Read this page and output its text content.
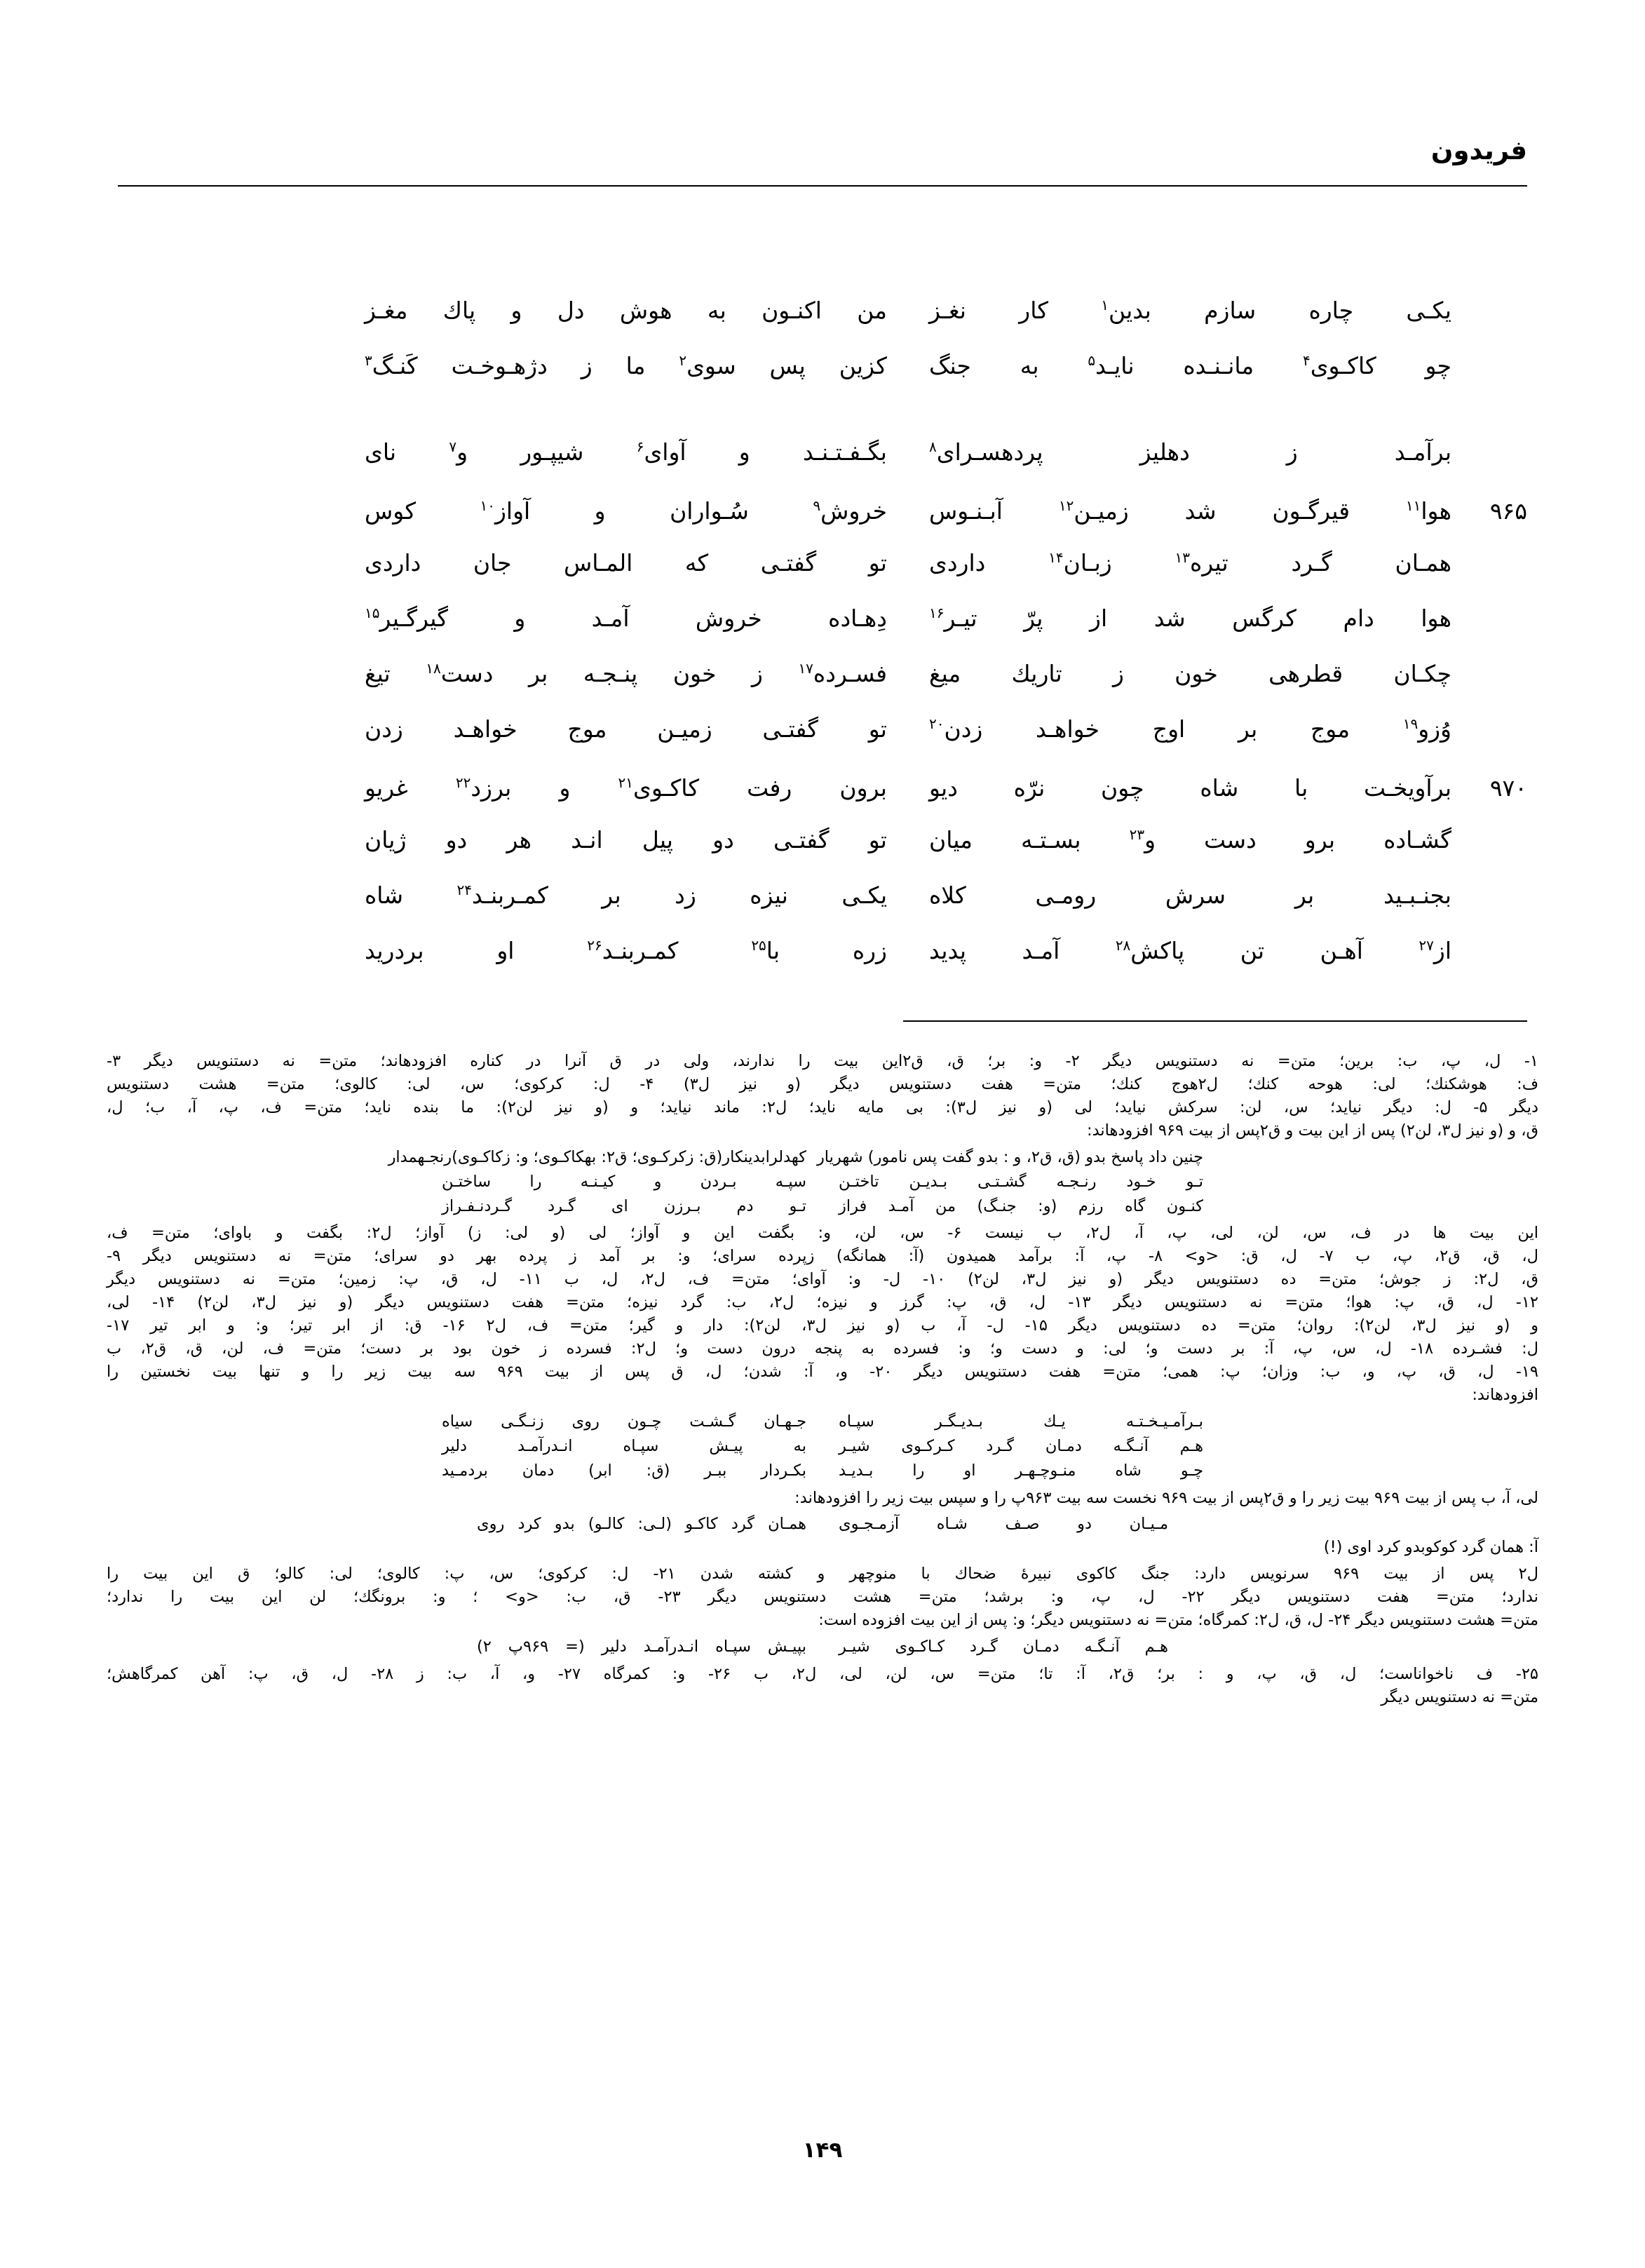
فریدون
یکـی چاره سازم بدین$^۱$ کار نغـز
من اکنـون به هوش دل و پاك مغـز
چو کاکـوی$^۴$ مانـنـده نایـد$^۵$ به جنگ
کزین پس سوی$^۲$ ما ز دژهـوخـت کَنـگ$^۳$
برآمـد ز دهلیز پردهسـرای$^۸$
بگـفـتـنـد و آوای$^۶$ شیپـور و$^۷$ نای
۹۶۵
هوا$^{۱۱}$ قیرگـون شد زمیـن$^{۱۲}$ آبـنـوس
خروش$^۹$ سُـواران و آواز$^{۱۰}$ کوس
همـان گـرد تیره$^{۱۳}$ زبـان$^{۱۴}$ داردی
تو گفتـی که المـاس جان داردی
هوا دام کرگس شد از پرّ تیـر$^{۱۶}$
دِهـاده خروش آمـد و گیرگـیر$^{۱۵}$
چکـان قطرهی خون ز تاریك میغ
فسـرده$^{۱۷}$ ز خون پنـجـه بر دست$^{۱۸}$ تیغ
وُزو$^{۱۹}$ موج بر اوج خواهـد زدن$^{۲۰}$
تو گفتـی زمیـن موج خواهـد زدن
۹۷۰
برآویخـت با شاه چون نرّه دیو
برون رفت کاکـوی$^{۲۱}$ و برزد$^{۲۲}$ غریو
گشـاده برو دست و$^{۲۳}$ بسـتـه میان
تو گفتـی دو پیل انـد هر دو ژیان
بجنـبـید بر سرش رومـی کلاه
یکـی نیزه زد بر کمـربنـد$^{۲۴}$ شاه
از$^{۲۷}$ آهـن تن پاکش$^{۲۸}$ آمـد پدید
زره با$^{۲۵}$ کمـربنـد$^{۲۶}$ او بردرید
۱- ل، پ، ب: برین؛ متن= نه دستنویس دیگر ۲- و: بر؛ ق، ق٢این بیت را ندارند، ولی در ق آنرا در کناره افزودهاند؛ متن= نه دستنویس دیگر ۳-
ف: هوشکنك؛ لی: هوحه کنك؛ ل٢هوج کنك؛ متن= هفت دستنویس دیگر (و نیز ل٣) ۴- ل: کرکوی؛ س، لی: کالوی؛ متن= هشت دستنویس
دیگر ۵- ل: دیگر نیاید؛ س، لن: سرکش نیاید؛ لی (و نیز ل٣): بی مایه ناید؛ ل٢: ماند نیاید؛ و (و نیز لن٢): ما بنده ناید؛ متن= ف، پ، آ، ب؛ ل،
ق، و (و نیز ل٣، لن٢) پس از این بیت و ق٢پس از بیت ۹۶۹ افزودهاند:
چنین داد پاسخ بدو (ق، ق٢، و : بدو گفت پس نامور) شهریار
کهدلرابدینکار(ق: زکرکـوی؛ ق٢: بهکاکـوی؛ و: زکاکـوی)رنجـهمدار
تـو خـود رنـجـه گشـتـی بـدیـن تاختـن
سپـه بـردن و کیـنـه را ساختـن
کنـون گاه رزم (و: جنـگ) من آمـد فراز
تـو دم بـرزن ای گـرد گـردنـفـراز
این بیت ها در ف، س، لن، لی، پ، آ، ل٢، ب نیست ۶- س، لن، و: بگفت این و آواز؛ لی (و لی: ز) آواز؛ ل٢: بگفت و باوای؛ متن= ف،
ل، ق، ق٢، پ، ب ۷- ل، ق: <و> ۸- پ، آ: برآمد همیدون (آ: همانگه) زپرده سرای؛ و: بر آمد ز پرده بهر دو سرای؛ متن= نه دستنویس دیگر ۹-
ق، ل٢: ز جوش؛ متن= ده دستنویس دیگر (و نیز ل٣، لن٢) ۱۰- ل- و: آوای؛ متن= ف، ل٢، ل، ب ۱۱- ل، ق، پ: زمین؛ متن= نه دستنویس دیگر
۱۲- ل، ق، پ: هوا؛ متن= نه دستنویس دیگر ۱۳- ل، ق، پ: گرز و نیزه؛ ل٢، ب: گرد نیزه؛ متن= هفت دستنویس دیگر (و نیز ل٣، لن٢) ۱۴- لی،
و (و نیز ل٣، لن٢): روان؛ متن= ده دستنویس دیگر ۱۵- ل- آ، ب (و نیز ل٣، لن٢): دار و گیر؛ متن= ف، ل٢ ۱۶- ق: از ابر تیر؛ و: و ابر تیر ۱۷-
ل: فشـرده ۱۸- ل، س، پ، آ: بر دست و؛ لی: و دست و؛ و: فسرده به پنجه درون دست و؛ ل٢: فسرده ز خون بود بر دست؛ متن= ف، لن، ق، ق٢، ب
۱۹- ل، ق، پ، و، ب: وزان؛ پ: همی؛ متن= هفت دستنویس دیگر ۲۰- و، آ: شدن؛ ل، ق پس از بیت ۹۶۹ سه بیت زیر را و تنها بیت نخستین را
افزودهاند:
بـرآمـیـخـتـه یـك بـدیـگـر سپـاه
جـهـان گـشـت چـون روی زنـگـی سیاه
هـم آنـگـه دمـان گـرد کـرکـوی شیـر
به پیـش سپـاه انـدرآمـد دلیر
چـو شاه منـوچـهـر او را بـدیـد
بکـردار ببـر (ق: ابر) دمان بردمـید
لی، آ، ب پس از بیت ۹۶۹ بیت زیر را و ق٢پس از بیت ۹۶۹ نخست سه بیت ۹۶۳پ را و سپس بیت زیر را افزودهاند:
مـیـان دو صـف شـاه آزمـجـوی
همـان گرد کاکـو (لـی: کالـو) بدو کرد روی
آ: همان گرد کوکوبدو کرد اوی (!)
ل٢ پس از بیت ۹۶۹ سرنویس دارد: جنگ کاکوی نبیرهٔ ضحاك با منوچهر و کشته شدن ۲۱- ل: کرکوی؛ س، پ: کالوی؛ لی: کالو؛ ق این بیت را
ندارد؛ متن= هفت دستنویس دیگر ۲۲- ل، پ، و: برشد؛ متن= هشت دستنویس دیگر ۲۳- ق، ب: <و> ؛ و: برونگك؛ لن این بیت را ندارد؛
متن= هشت دستنویس دیگر ۲۴- ل، ق، ل٢: کمرگاه؛ متن= نه دستنویس دیگر؛ و: پس از این بیت افزوده است:
هـم آنـگـه دمـان گـرد کـاکـوی شیـر
بپیـش سپـاه انـدرآمـد دلیر (= ۹۶۹پ ۲)
۲۵- ف ناخواناست؛ ل، ق، پ، و : بر؛ ق٢، آ: تا؛ متن= س، لن، لی، ل٢، ب ۲۶- و: کمرگاه ۲۷- و، آ، ب: ز ۲۸- ل، ق، پ: آهن کمرگاهش؛
متن= نه دستنویس دیگر
۱۴۹
